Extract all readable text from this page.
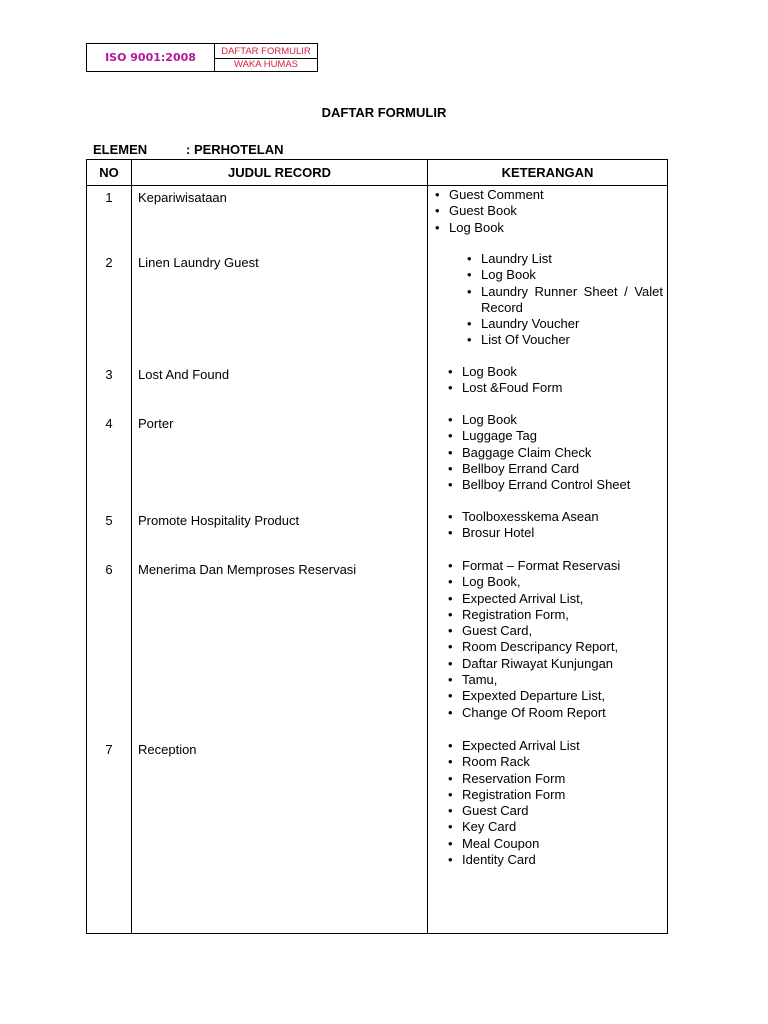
ISO 9001:2008	DAFTAR FORMULIR
WAKA HUMAS
DAFTAR FORMULIR
ELEMEN	: PERHOTELAN
NO	JUDUL RECORD	KETERANGAN
1	Kepariwisataan	• Guest Comment
• Guest Book
• Log Book
2	Linen Laundry Guest	• Laundry List
• Log Book
• Laundry Runner Sheet / Valet Record
• Laundry Voucher
• List Of Voucher
3	Lost And Found	• Log Book
• Lost &Foud Form
4	Porter	• Log Book
• Luggage Tag
• Baggage Claim Check
• Bellboy Errand Card
• Bellboy Errand Control Sheet
5	Promote Hospitality Product	• Toolboxesskema Asean
• Brosur Hotel
6	Menerima Dan Memproses Reservasi	• Format – Format Reservasi
• Log Book,
• Expected Arrival List,
• Registration Form,
• Guest Card,
• Room Descripancy Report,
• Daftar Riwayat Kunjungan
• Tamu,
• Expexted Departure List,
• Change Of Room Report
7	Reception	• Expected Arrival List
• Room Rack
• Reservation Form
• Registration Form
• Guest Card
• Key Card
• Meal Coupon
• Identity Card
